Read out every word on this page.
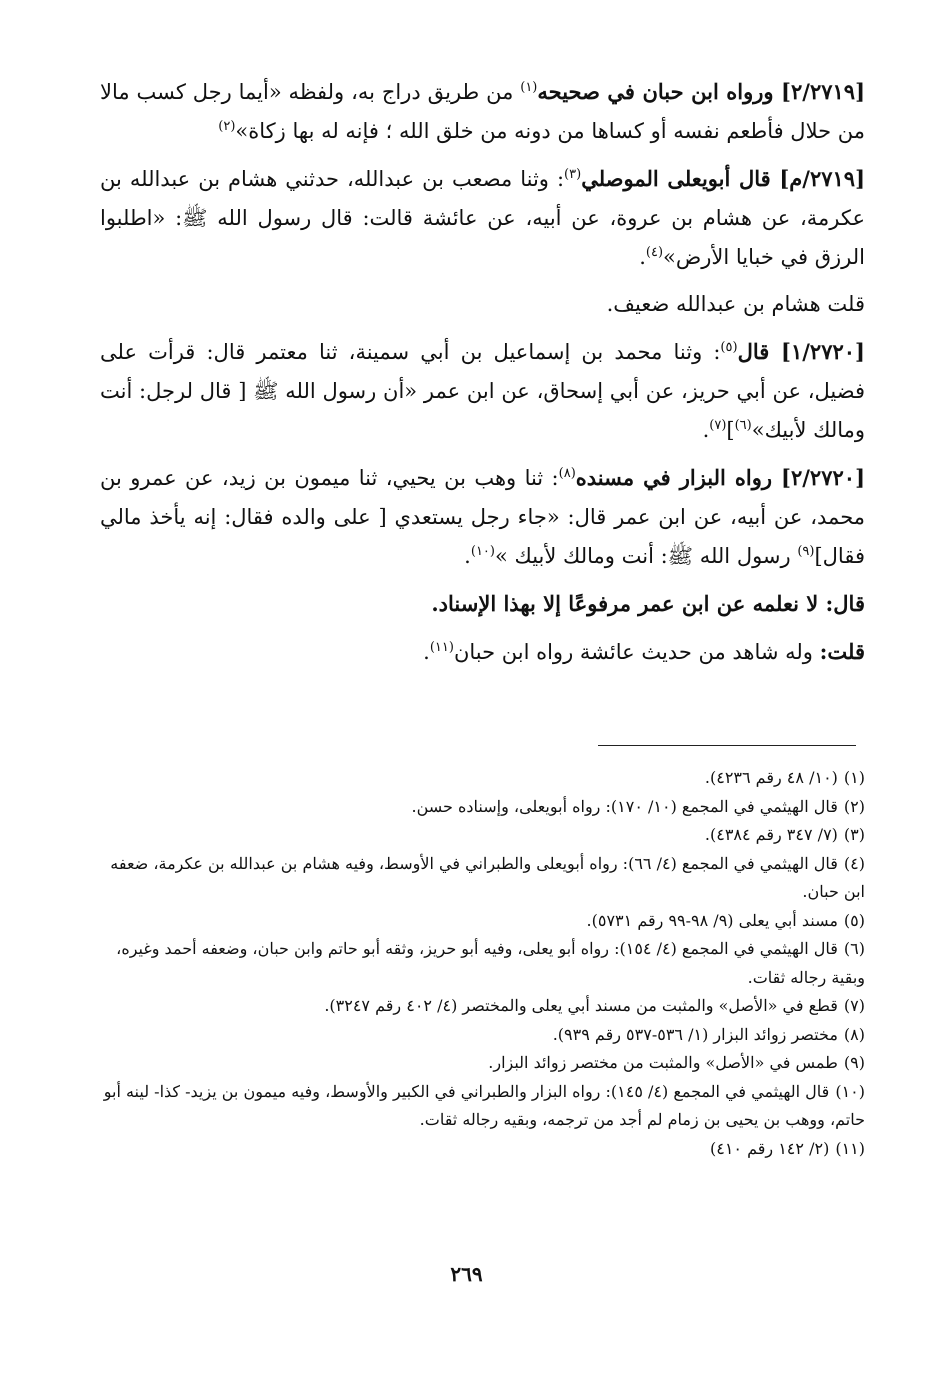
[٢/٢٧١٩] ورواه ابن حبان في صحيحه$^{(١)}$ من طريق دراج به، ولفظه «أيما رجل كسب مالا من حلال فأطعم نفسه أو كساها من دونه من خلق الله ؛ فإنه له بها زكاة»$^{(٢)}$

[٢٧١٩/م] قال أبويعلى الموصلي$^{(٣)}$: وثنا مصعب بن عبدالله، حدثني هشام بن عبدالله بن عكرمة، عن هشام بن عروة، عن أبيه، عن عائشة قالت: قال رسول الله ﷺ: «اطلبوا الرزق في خبايا الأرض»$^{(٤)}$.

قلت هشام بن عبدالله ضعيف.

[١/٢٧٢٠] قال$^{(٥)}$: وثنا محمد بن إسماعيل بن أبي سمينة، ثنا معتمر قال: قرأت على فضيل، عن أبي حريز، عن أبي إسحاق، عن ابن عمر «أن رسول الله ﷺ [ قال لرجل: أنت ومالك لأبيك»$^{(٦)}$]$^{(٧)}$.

[٢/٢٧٢٠] رواه البزار في مسنده$^{(٨)}$: ثنا وهب بن يحيي، ثنا ميمون بن زيد، عن عمرو بن محمد، عن أبيه، عن ابن عمر قال: «جاء رجل يستعدي [ على والده فقال: إنه يأخذ مالي فقال]$^{(٩)}$ رسول الله ﷺ: أنت ومالك لأبيك »$^{(١٠)}$.

قال: لا نعلمه عن ابن عمر مرفوعًا إلا بهذا الإسناد.

قلت: وله شاهد من حديث عائشة رواه ابن حبان$^{(١١)}$.

(١)(١٠/ ٤٨ رقم ٤٢٣٦).

(٢)قال الهيثمي في المجمع (١٠/ ١٧٠): رواه أبويعلى، وإسناده حسن.

(٣)(٧/ ٣٤٧ رقم ٤٣٨٤).

(٤)قال الهيثمي في المجمع (٤/ ٦٦): رواه أبويعلى والطبراني في الأوسط، وفيه هشام بن عبدالله بن عكرمة، ضعفه ابن حبان.

(٥)مسند أبي يعلى (٩/ ٩٨-٩٩ رقم ٥٧٣١).

(٦)قال الهيثمي في المجمع (٤/ ١٥٤): رواه أبو يعلى، وفيه أبو حريز، وثقه أبو حاتم وابن حبان، وضعفه أحمد وغيره، وبقية رجاله ثقات.

(٧)قطع في «الأصل» والمثبت من مسند أبي يعلى والمختصر (٤/ ٤٠٢ رقم ٣٢٤٧).

(٨)مختصر زوائد البزار (١/ ٥٣٦-٥٣٧ رقم ٩٣٩).

(٩)طمس في «الأصل» والمثبت من مختصر زوائد البزار.

(١٠)قال الهيثمي في المجمع (٤/ ١٤٥): رواه البزار والطبراني في الكبير والأوسط، وفيه ميمون بن يزيد- كذا- لينه أبو حاتم، ووهب بن يحيى بن زمام لم أجد من ترجمه، وبقيه رجاله ثقات.

(١١)(٢/ ١٤٢ رقم ٤١٠)

٢٦٩
